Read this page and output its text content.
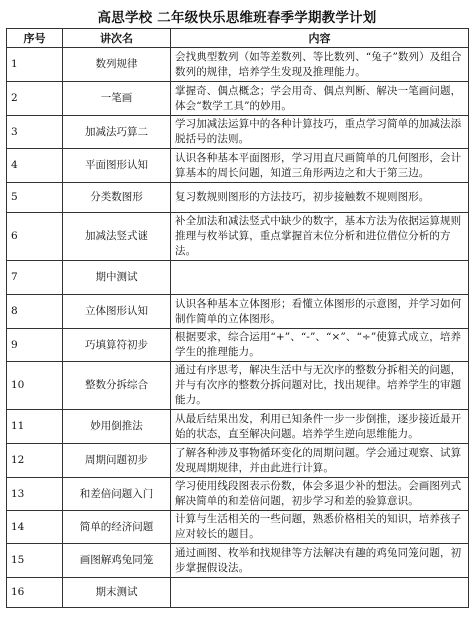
高思学校 二年级快乐思维班春季学期教学计划
序号	讲次名	内容
1	数列规律	会找典型数列（如等差数列、等比数列、“兔子”数列）及组合数列的规律，培养学生发现及推理能力。
2	一笔画	掌握奇、偶点概念；学会用奇、偶点判断、解决一笔画问题，体会“数学工具”的妙用。
3	加减法巧算二	学习加减法运算中的各种计算技巧，重点学习简单的加减法添脱括号的法则。
4	平面图形认知	认识各种基本平面图形，学习用直尺画简单的几何图形，会计算基本的周长问题，知道三角形两边之和大于第三边。
5	分类数图形	复习数规则图形的方法技巧，初步接触数不规则图形。
6	加减法竖式谜	补全加法和减法竖式中缺少的数字，基本方法为依据运算规则推理与枚举试算，重点掌握首末位分析和进位借位分析的方法。
7	期中测试	
8	立体图形认知	认识各种基本立体图形；看懂立体图形的示意图，并学习如何制作简单的立体图形。
9	巧填算符初步	根据要求，综合运用“+”、“-”、“×”、“÷”使算式成立，培养学生的推理能力。
10	整数分拆综合	通过有序思考，解决生活中与无次序的整数分拆相关的问题，并与有次序的整数分拆问题对比，找出规律。培养学生的审题能力。
11	妙用倒推法	从最后结果出发，利用已知条件一步一步倒推，逐步接近最开始的状态，直至解决问题。培养学生逆向思维能力。
12	周期问题初步	了解各种涉及事物循环变化的周期问题。学会通过观察、试算发现周期规律，并由此进行计算。
13	和差倍问题入门	学习使用线段图表示份数，体会多退少补的想法。会画图列式解决简单的和差倍问题，初步学习和差的验算意识。
14	简单的经济问题	计算与生活相关的一些问题，熟悉价格相关的知识，培养孩子应对较长的题目。
15	画图解鸡兔同笼	通过画图、枚举和找规律等方法解决有趣的鸡兔同笼问题，初步掌握假设法。
16	期末测试	
